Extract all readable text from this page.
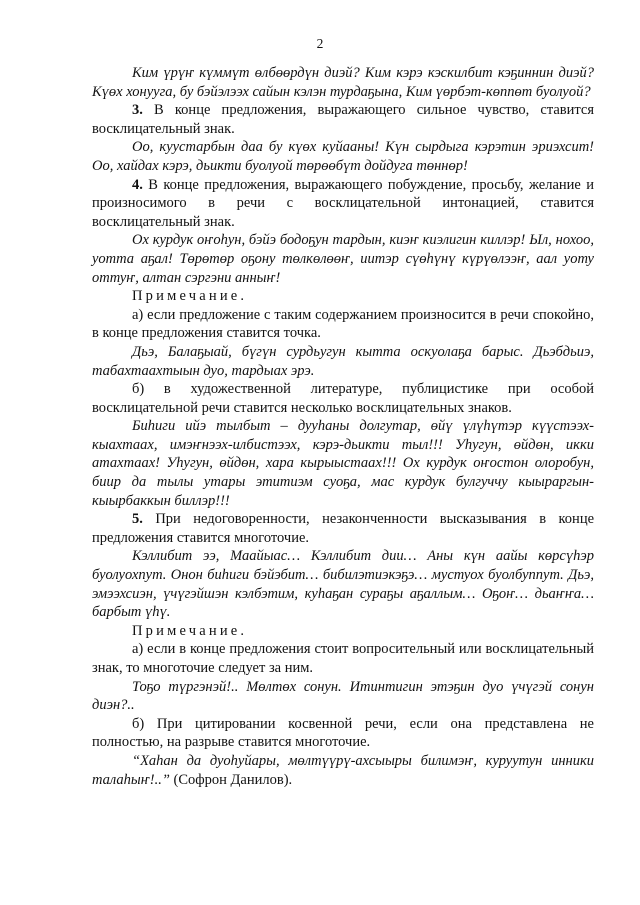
2

Ким үрүҥ күммүт өлбөөрдүн диэй? Ким кэрэ кэскилбит кэҕиннин диэй? Күөх хонууга, бу бэйэлээх сайын кэлэн турдаҕына, Ким үөрбэт-көппөт буолуой?

3. В конце предложения, выражающего сильное чувство, ставится восклицательный знак.

Оо, куустарбын даа бу күөх куйааны! Күн сырдыга кэрэтин эриэхсит! Оо, хайдах кэрэ, дьикти буолуой төрөөбүт дойдуга төннөр!

4. В конце предложения, выражающего побуждение, просьбу, желание и произносимого в речи с восклицательной интонацией, ставится восклицательный знак.

Ох курдук оҥоһун, бэйэ бодоҕун тардын, киэҥ киэлигин киллэр! Ыл, нохоо, уотта аҕал! Төрөтөр оҕону төлкөлөөҥ, иитэр сүөһүнү күрүөлээҥ, аал уоту оттуҥ, алтан сэргэни анныҥ!

Примечание.

а) если предложение с таким содержанием произносится в речи спокойно, в конце предложения ставится точка.

Дьэ, Балаҕыай, бүгүн сурдьугун кытта оскуолаҕа барыс. Дьэбдьиэ, табахтаахтыын дуо, тардыах эрэ.

б) в художественной литературе, публицистике при особой восклицательной речи ставится несколько восклицательных знаков.

Биһиги ийэ тылбыт – дууһаны долгутар, өйү үлүһүтэр күүстээх-кыахтаах, имэҥнээх-илбистээх, кэрэ-дьикти тыл!!! Уһугун, өйдөн, икки атахтаах! Уһугун, өйдөн, хара кырыыстаах!!! Ох курдук оҥостон олоробун, биир да тылы утары этитиэм суоҕа, мас курдук булгуччу кыыраргын-кыырбаккын биллэр!!!

5. При недоговоренности, незаконченности высказывания в конце предложения ставится многоточие.

Кэллибит ээ, Маайыас… Кэллибит дии… Аны күн аайы көрсүһэр буолуохпут. Онон биһиги бэйэбит… бибилэтиэкэҕэ… мустуох буолбуппут. Дьэ, эмээхсиэн, үчүгэйшэн кэлбэтим, куһаҕан сураҕы аҕаллым… Оҕоҥ… дьаҥҥа… барбыт үһү.

Примечание.

а) если в конце предложения стоит вопросительный или восклицательный знак, то многоточие следует за ним.

Тоҕо түргэнэй!.. Мөлтөх сонун. Итинтигин этэҕин дуо үчүгэй сонун диэн?..

б) При цитировании косвенной речи, если она представлена не полностью, на разрыве ставится многоточие.

“Хаһан да дуоһуйары, мөлтүүрү-ахсыыры билимэҥ, куруутун инники талаһыҥ!..” (Софрон Данилов).
